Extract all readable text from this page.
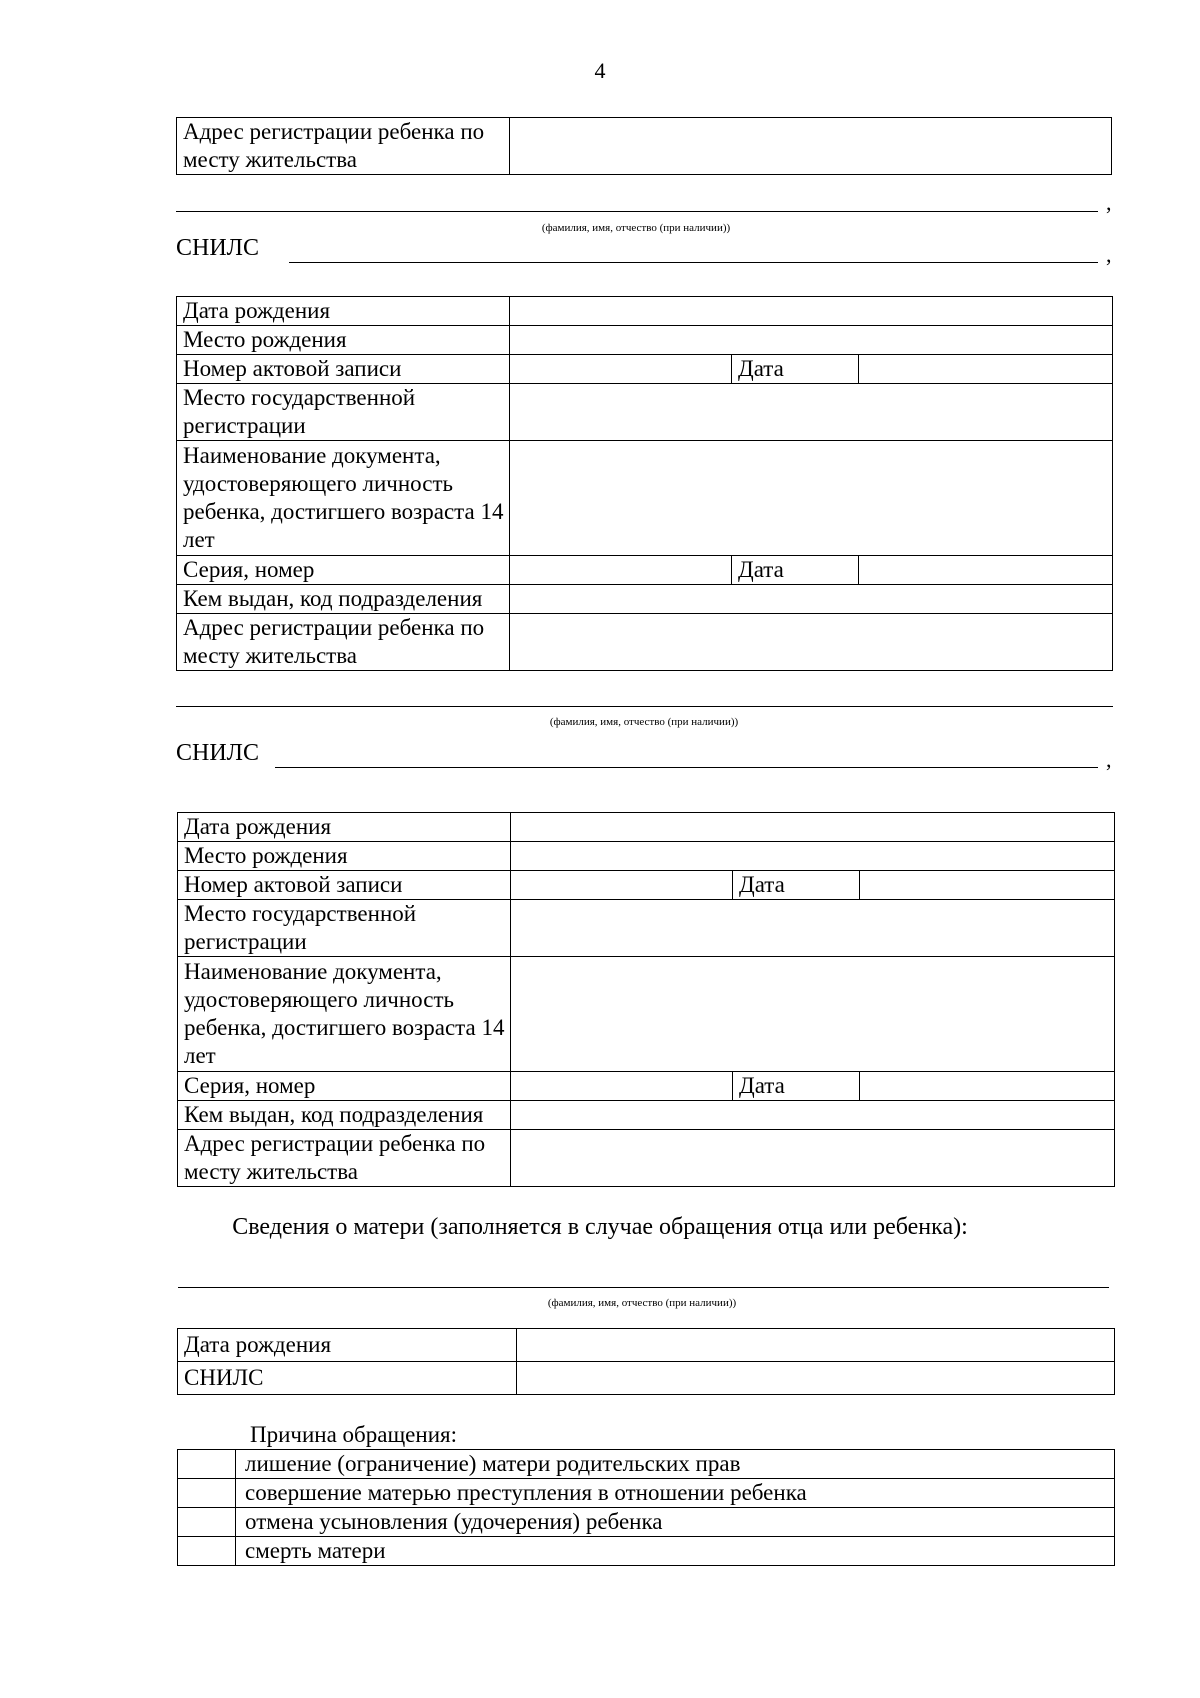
4
Адрес регистрации ребенка по месту жительства	
,
(фамилия, имя, отчество (при наличии))
СНИЛС	,
Дата рождения			
Место рождения			
Номер актовой записи		Дата	
Место государственной регистрации			
Наименование документа, удостоверяющего личность ребенка, достигшего возраста 14 лет			
Серия, номер		Дата	
Кем выдан, код подразделения			
Адрес регистрации ребенка по месту жительства			
(фамилия, имя, отчество (при наличии))
СНИЛС	,
Дата рождения			
Место рождения			
Номер актовой записи		Дата	
Место государственной регистрации			
Наименование документа, удостоверяющего личность ребенка, достигшего возраста 14 лет			
Серия, номер		Дата	
Кем выдан, код подразделения			
Адрес регистрации ребенка по месту жительства			
Сведения о матери (заполняется в случае обращения отца или ребенка):
(фамилия, имя, отчество (при наличии))
Дата рождения	
СНИЛС	
Причина обращения:
	лишение (ограничение) матери родительских прав
	совершение матерью преступления в отношении ребенка
	отмена усыновления (удочерения) ребенка
	смерть матери
